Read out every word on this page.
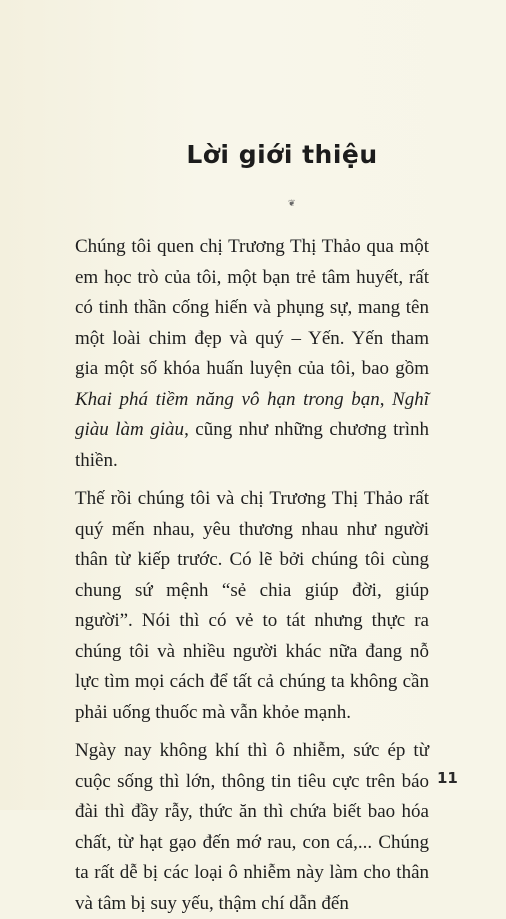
Lời giới thiệu
❦

Chúng tôi quen chị Trương Thị Thảo qua một em học trò của tôi, một bạn trẻ tâm huyết, rất có tinh thần cống hiến và phụng sự, mang tên một loài chim đẹp và quý – Yến. Yến tham gia một số khóa huấn luyện của tôi, bao gồm Khai phá tiềm năng vô hạn trong bạn, Nghĩ giàu làm giàu, cũng như những chương trình thiền.

Thế rồi chúng tôi và chị Trương Thị Thảo rất quý mến nhau, yêu thương nhau như người thân từ kiếp trước. Có lẽ bởi chúng tôi cùng chung sứ mệnh “sẻ chia giúp đời, giúp người”. Nói thì có vẻ to tát nhưng thực ra chúng tôi và nhiều người khác nữa đang nỗ lực tìm mọi cách để tất cả chúng ta không cần phải uống thuốc mà vẫn khỏe mạnh.

Ngày nay không khí thì ô nhiễm, sức ép từ cuộc sống thì lớn, thông tin tiêu cực trên báo đài thì đầy rẫy, thức ăn thì chứa biết bao hóa chất, từ hạt gạo đến mớ rau, con cá,... Chúng ta rất dễ bị các loại ô nhiễm này làm cho thân và tâm bị suy yếu, thậm chí dẫn đến

11
